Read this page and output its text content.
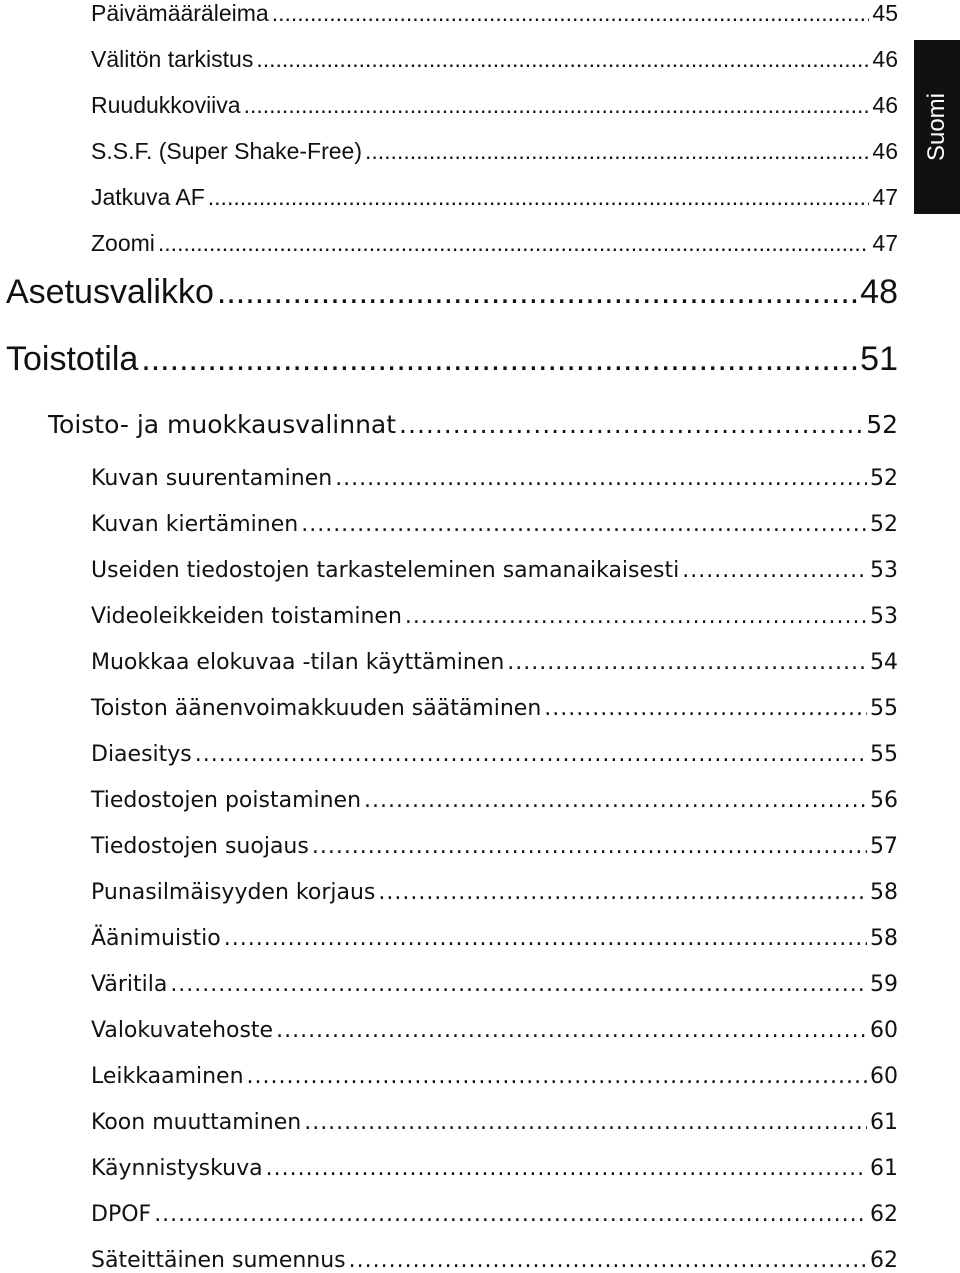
Päivämääräleima .....	45
Välitön tarkistus .....	46
Ruudukkoviiva .....	46
S.S.F. (Super Shake-Free) .....	46
Jatkuva AF .....	47
Zoomi .....	47
Asetusvalikko .....	48
Toistotila .....	51
Toisto- ja muokkausvalinnat .....	52
Kuvan suurentaminen .....	52
Kuvan kiertäminen .....	52
Useiden tiedostojen tarkasteleminen samanaikaisesti .....	53
Videoleikkeiden toistaminen .....	53
Muokkaa elokuvaa -tilan käyttäminen .....	54
Toiston äänenvoimakkuuden säätäminen .....	55
Diaesitys .....	55
Tiedostojen poistaminen .....	56
Tiedostojen suojaus .....	57
Punasilmäisyyden korjaus .....	58
Äänimuistio .....	58
Väritila .....	59
Valokuvatehoste .....	60
Leikkaaminen .....	60
Koon muuttaminen .....	61
Käynnistyskuva .....	61
DPOF .....	62
Säteittäinen sumennus .....	62
Suomi
